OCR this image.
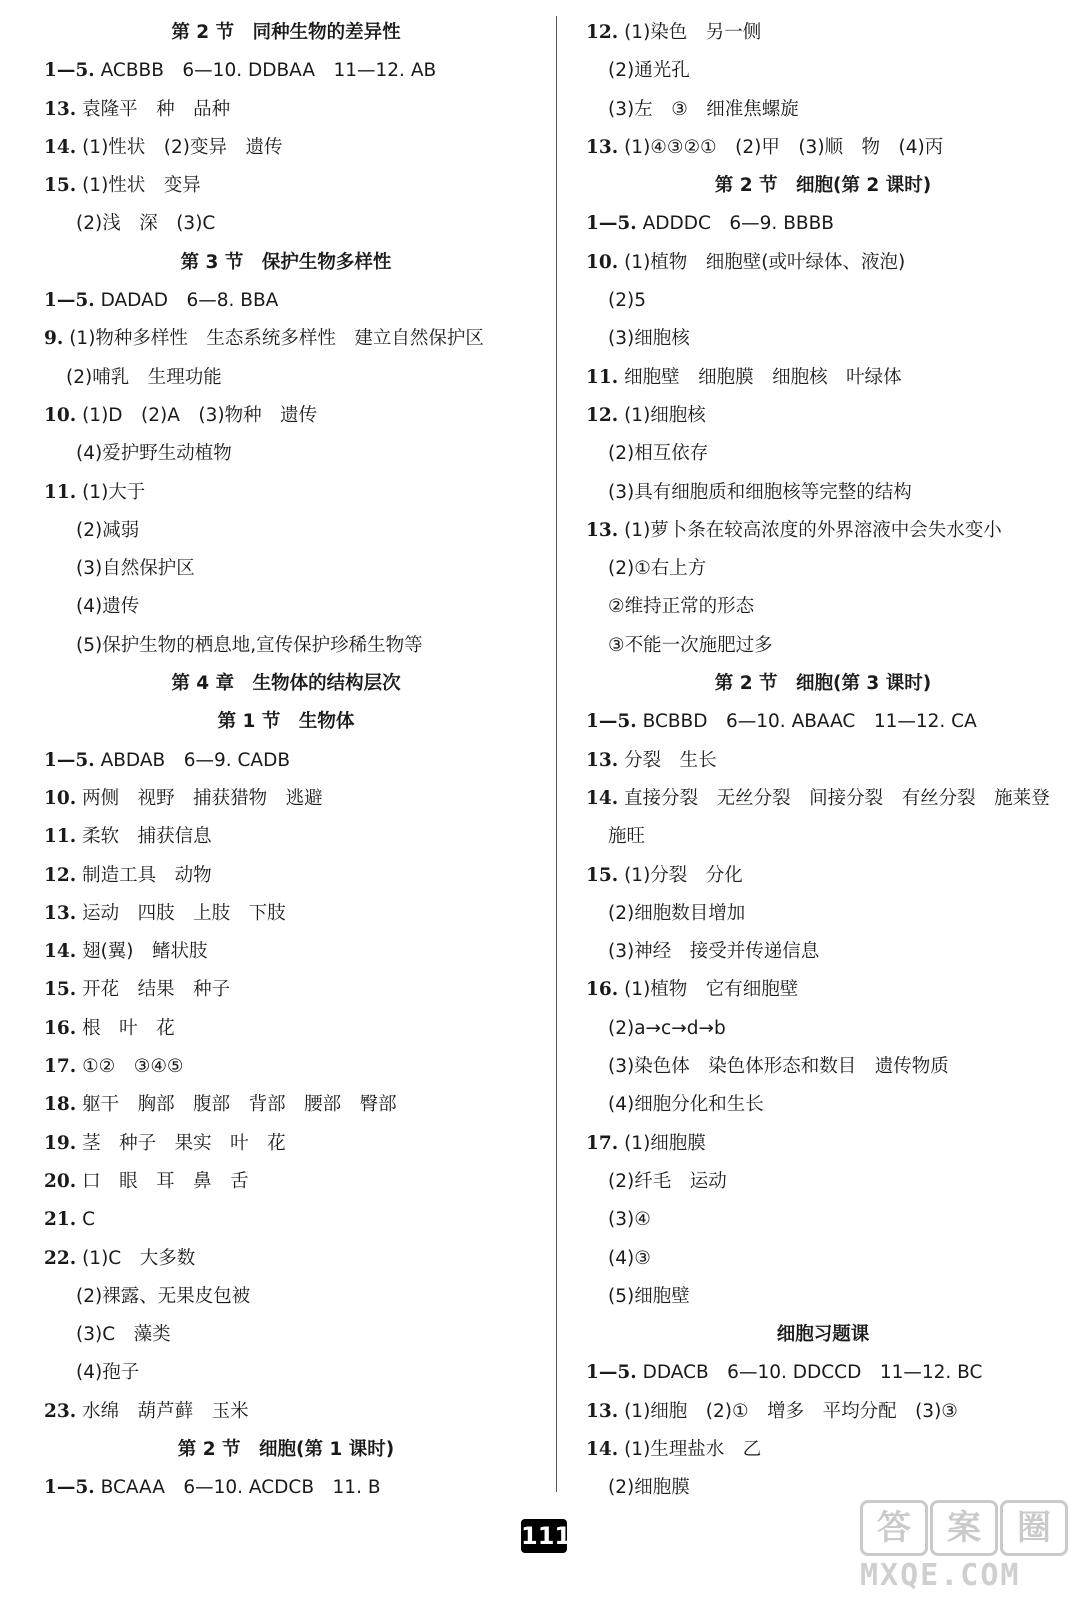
第 2 节　同种生物的差异性
1—5. ACBBB　6—10. DDBAA　11—12. AB
13. 袁隆平　种　品种
14. (1)性状　(2)变异　遗传
15. (1)性状　变异
(2)浅　深　(3)C
第 3 节　保护生物多样性
1—5. DADAD　6—8. BBA
9. (1)物种多样性　生态系统多样性　建立自然保护区
(2)哺乳　生理功能
10. (1)D　(2)A　(3)物种　遗传
(4)爱护野生动植物
11. (1)大于
(2)减弱
(3)自然保护区
(4)遗传
(5)保护生物的栖息地,宣传保护珍稀生物等
第 4 章　生物体的结构层次
第 1 节　生物体
1—5. ABDAB　6—9. CADB
10. 两侧　视野　捕获猎物　逃避
11. 柔软　捕获信息
12. 制造工具　动物
13. 运动　四肢　上肢　下肢
14. 翅(翼)　鳍状肢
15. 开花　结果　种子
16. 根　叶　花
17. ①②　③④⑤
18. 躯干　胸部　腹部　背部　腰部　臀部
19. 茎　种子　果实　叶　花
20. 口　眼　耳　鼻　舌
21. C
22. (1)C　大多数
(2)裸露、无果皮包被
(3)C　藻类
(4)孢子
23. 水绵　葫芦藓　玉米
第 2 节　细胞(第 1 课时)
1—5. BCAAA　6—10. ACDCB　11. B
12. (1)染色　另一侧
(2)通光孔
(3)左　③　细准焦螺旋
13. (1)④③②①　(2)甲　(3)顺　物　(4)丙
第 2 节　细胞(第 2 课时)
1—5. ADDDC　6—9. BBBB
10. (1)植物　细胞壁(或叶绿体、液泡)
(2)5
(3)细胞核
11. 细胞壁　细胞膜　细胞核　叶绿体
12. (1)细胞核
(2)相互依存
(3)具有细胞质和细胞核等完整的结构
13. (1)萝卜条在较高浓度的外界溶液中会失水变小
(2)①右上方
②维持正常的形态
③不能一次施肥过多
第 2 节　细胞(第 3 课时)
1—5. BCBBD　6—10. ABAAC　11—12. CA
13. 分裂　生长
14. 直接分裂　无丝分裂　间接分裂　有丝分裂　施莱登
施旺
15. (1)分裂　分化
(2)细胞数目增加
(3)神经　接受并传递信息
16. (1)植物　它有细胞壁
(2)a→c→d→b
(3)染色体　染色体形态和数目　遗传物质
(4)细胞分化和生长
17. (1)细胞膜
(2)纤毛　运动
(3)④
(4)③
(5)细胞壁
细胞习题课
1—5. DDACB　6—10. DDCCD　11—12. BC
13. (1)细胞　(2)①　增多　平均分配　(3)③
14. (1)生理盐水　乙
(2)细胞膜
111	答	案	圈
MXQE.COM
